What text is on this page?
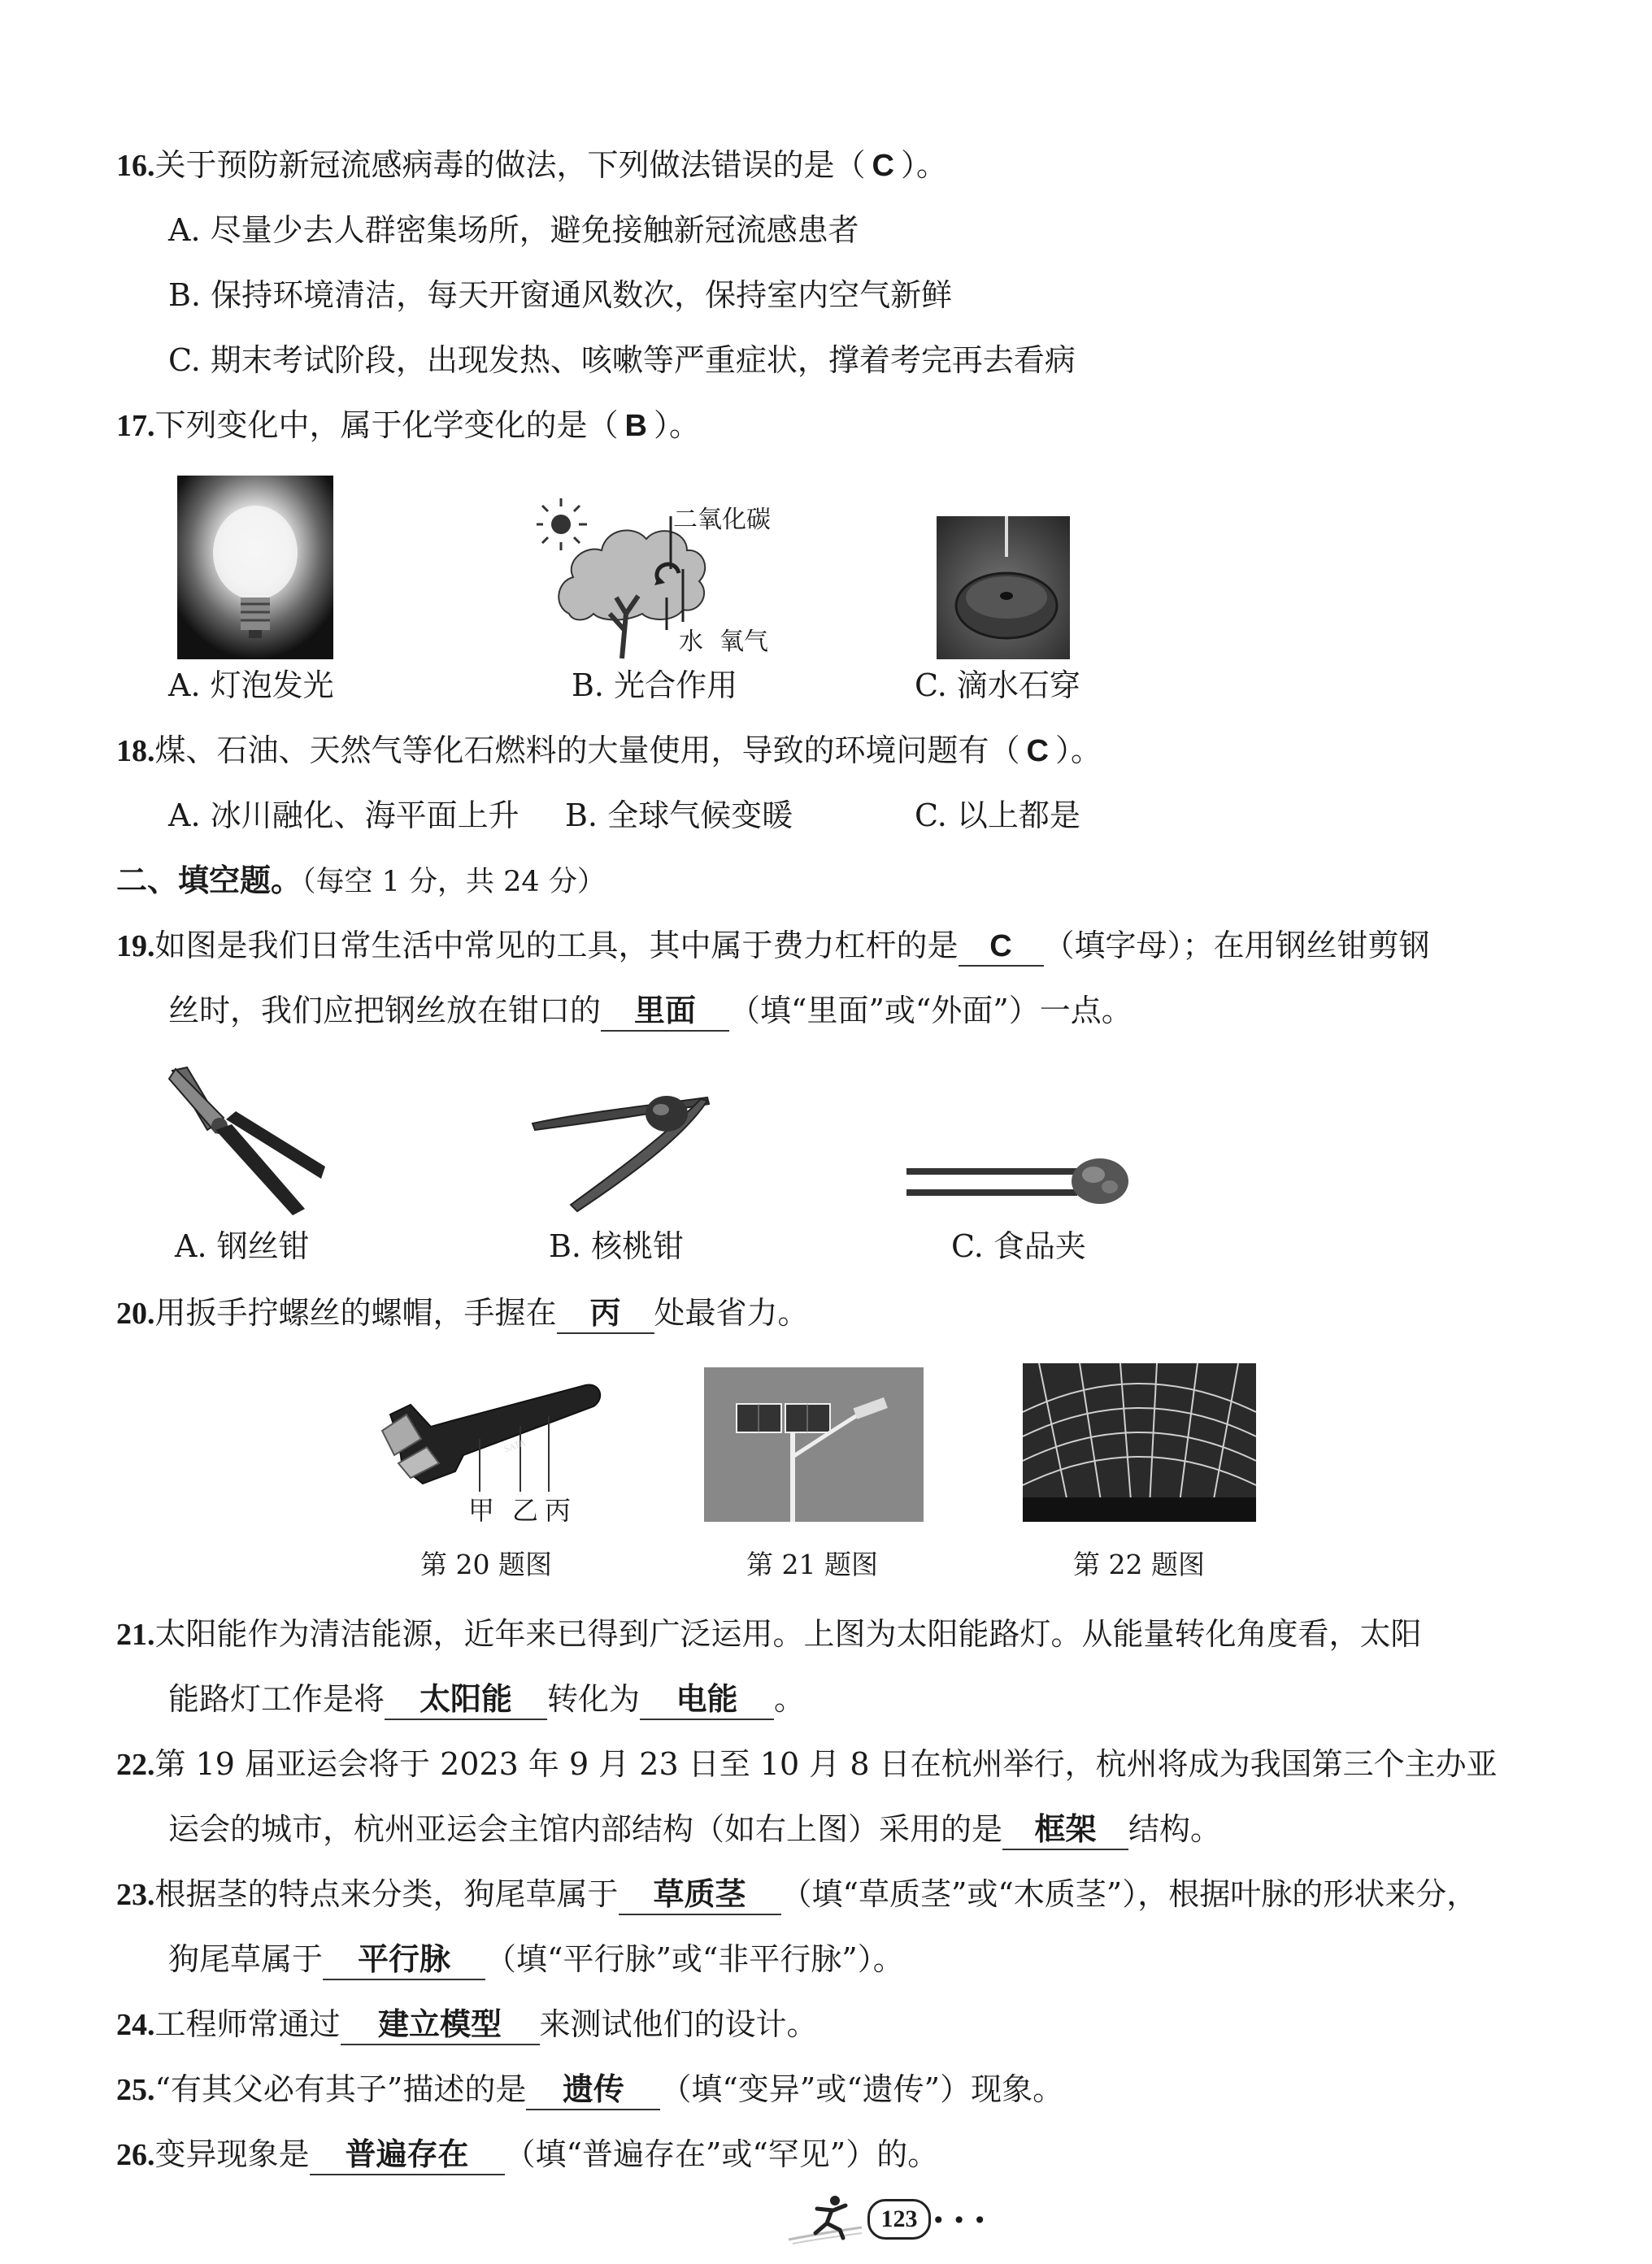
16.关于预防新冠流感病毒的做法，下列做法错误的是（ C ）。
A. 尽量少去人群密集场所，避免接触新冠流感患者
B. 保持环境清洁，每天开窗通风数次，保持室内空气新鲜
C. 期末考试阶段，出现发热、咳嗽等严重症状，撑着考完再去看病
17.下列变化中，属于化学变化的是（ B ）。
二氧化碳
水 氧气
A. 灯泡发光	B. 光合作用	C. 滴水石穿
18.煤、石油、天然气等化石燃料的大量使用，导致的环境问题有（ C ）。
A. 冰川融化、海平面上升 B. 全球气候变暖	C. 以上都是
二、填空题。（每空 1 分，共 24 分）
19.如图是我们日常生活中常见的工具，其中属于费力杠杆的是 C （填字母）；在用钢丝钳剪钢
丝时，我们应把钢丝放在钳口的 里面 （填“里面”或“外面”）一点。
A. 钢丝钳	B. 核桃钳	C. 食品夹
20.用扳手拧螺丝的螺帽，手握在 丙 处最省力。
SATA
甲 乙 丙
第 20 题图	第 21 题图	第 22 题图
21.太阳能作为清洁能源，近年来已得到广泛运用。上图为太阳能路灯。从能量转化角度看，太阳
能路灯工作是将 太阳能 转化为 电能 。
22.第 19 届亚运会将于 2023 年 9 月 23 日至 10 月 8 日在杭州举行，杭州将成为我国第三个主办亚
运会的城市，杭州亚运会主馆内部结构（如右上图）采用的是 框架 结构。
23.根据茎的特点来分类，狗尾草属于 草质茎 （填“草质茎”或“木质茎”），根据叶脉的形状来分，
狗尾草属于 平行脉 （填“平行脉”或“非平行脉”）。
24.工程师常通过 建立模型 来测试他们的设计。
25.“有其父必有其子”描述的是 遗传 （填“变异”或“遗传”）现象。
26.变异现象是 普遍存在 （填“普遍存在”或“罕见”）的。
123 • • •
